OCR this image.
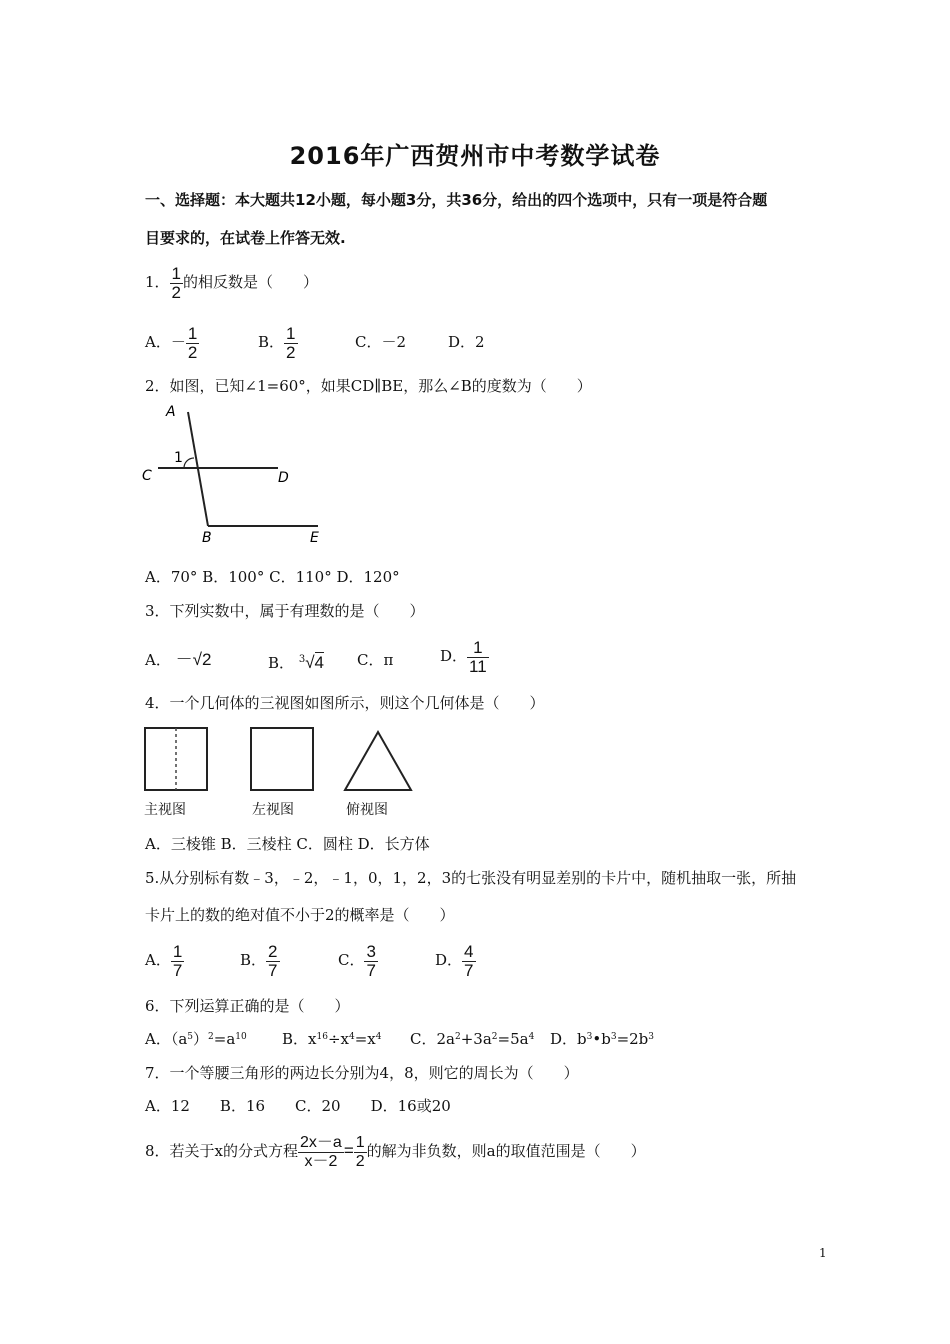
2016年广西贺州市中考数学试卷
一、选择题：本大题共12小题，每小题3分，共36分，给出的四个选项中，只有一项是符合题
目要求的，在试卷上作答无效.
1． $\frac{1}{2}$ 的相反数是（　　）
A．－ $\frac{1}{2}$	B． $\frac{1}{2}$	C．－2	D．2
2．如图，已知∠1=60°，如果CD∥BE，那么∠B的度数为（　　）
A
C
1
D
B	E
A．70° B．100° C．110° D．120°
3．下列实数中，属于有理数的是（　　）
A． －√2	B． $^3$√4 C．π	D． $\frac{1}{11}$
4．一个几何体的三视图如图所示，则这个几何体是（　　）
主视图	左视图	俯视图
A．三棱锥 B．三棱柱 C．圆柱 D．长方体
5.从分别标有数﹣3，﹣2，﹣1，0，1，2，3的七张没有明显差别的卡片中，随机抽取一张，所抽
卡片上的数的绝对值不小于2的概率是（　　）
A． $\frac{1}{7}$	B． $\frac{2}{7}$	C． $\frac{3}{7}$	D． $\frac{4}{7}$
6．下列运算正确的是（　　）
A．$(a^5)^2=a^{10}$ B．$x^{16}\div x^4=x^4$ C．$2a^2+3a^2=5a^4$ D．$b^3•b^3=2b^3$
7．一个等腰三角形的两边长分别为4，8，则它的周长为（　　）
A．12　　B．16　　C．20　　D．16或20
8．若关于x的分式方程 $\frac{2x-a}{x-2} = \frac{1}{2}$ 的解为非负数，则a的取值范围是（　　）
1
